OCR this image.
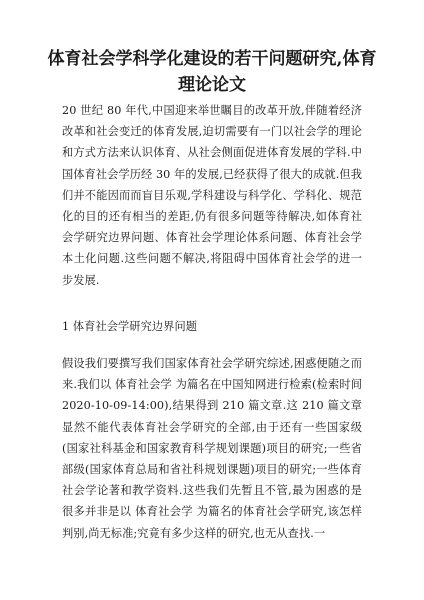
体育社会学科学化建设的若干问题研究,体育理论论文

20 世纪 80 年代,中国迎来举世瞩目的改革开放,伴随着经济改革和社会变迁的体育发展,迫切需要有一门以社会学的理论和方式方法来认识体育、从社会侧面促进体育发展的学科.中国体育社会学历经 30 年的发展,已经获得了很大的成就.但我们并不能因而而盲目乐观,学科建设与科学化、学科化、规范化的目的还有相当的差距,仍有很多问题等待解决,如体育社会学研究边界问题、体育社会学理论体系问题、体育社会学本土化问题.这些问题不解决,将阻碍中国体育社会学的进一步发展.

1 体育社会学研究边界问题

假设我们要撰写我们国家体育社会学研究综述,困惑便随之而来.我们以 体育社会学 为篇名在中国知网进行检索(检索时间 2020-10-09-14:00),结果得到 210 篇文章.这 210 篇文章显然不能代表体育社会学研究的全部,由于还有一些国家级(国家社科基金和国家教育科学规划课题)项目的研究;一些省部级(国家体育总局和省社科规划课题)项目的研究;一些体育社会学论著和教学资料.这些我们先暂且不管,最为困惑的是很多并非是以 体育社会学 为篇名的体育社会学研究,该怎样判别,尚无标准;究竟有多少这样的研究,也无从查找.一
